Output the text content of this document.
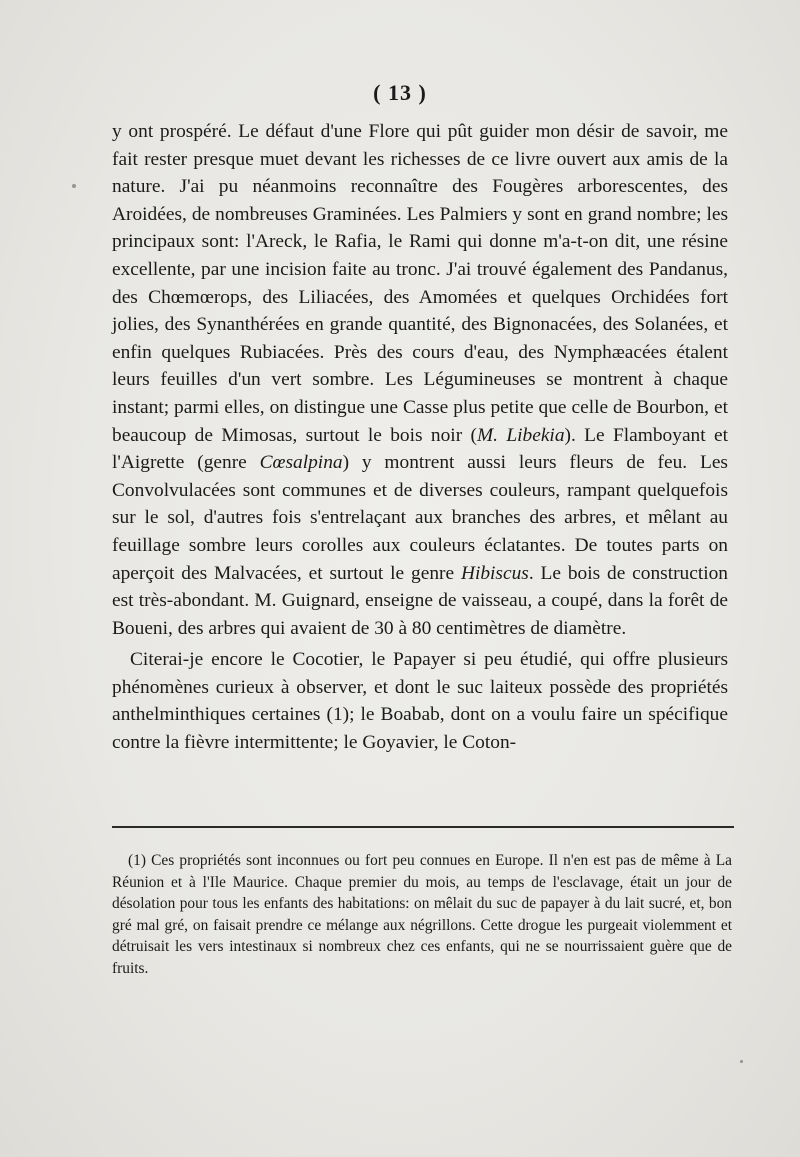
( 13 )

y ont prospéré. Le défaut d'une Flore qui pût guider mon désir de savoir, me fait rester presque muet devant les richesses de ce livre ouvert aux amis de la nature. J'ai pu néanmoins reconnaître des Fougères arborescentes, des Aroidées, de nombreuses Graminées. Les Palmiers y sont en grand nombre; les principaux sont: l'Areck, le Rafia, le Rami qui donne m'a-t-on dit, une résine excellente, par une incision faite au tronc. J'ai trouvé également des Pandanus, des Chœmœrops, des Liliacées, des Amomées et quelques Orchidées fort jolies, des Synanthérées en grande quantité, des Bignonacées, des Solanées, et enfin quelques Rubiacées. Près des cours d'eau, des Nymphæacées étalent leurs feuilles d'un vert sombre. Les Légumineuses se montrent à chaque instant; parmi elles, on distingue une Casse plus petite que celle de Bourbon, et beaucoup de Mimosas, surtout le bois noir (M. Libekia). Le Flamboyant et l'Aigrette (genre Cœsalpina) y montrent aussi leurs fleurs de feu. Les Convolvulacées sont communes et de diverses couleurs, rampant quelquefois sur le sol, d'autres fois s'entrelaçant aux branches des arbres, et mêlant au feuillage sombre leurs corolles aux couleurs éclatantes. De toutes parts on aperçoit des Malvacées, et surtout le genre Hibiscus. Le bois de construction est très-abondant. M. Guignard, enseigne de vaisseau, a coupé, dans la forêt de Boueni, des arbres qui avaient de 30 à 80 centimètres de diamètre.

Citerai-je encore le Cocotier, le Papayer si peu étudié, qui offre plusieurs phénomènes curieux à observer, et dont le suc laiteux possède des propriétés anthelminthiques certaines (1); le Boabab, dont on a voulu faire un spécifique contre la fièvre intermittente; le Goyavier, le Coton-

(1) Ces propriétés sont inconnues ou fort peu connues en Europe. Il n'en est pas de même à La Réunion et à l'Ile Maurice. Chaque premier du mois, au temps de l'esclavage, était un jour de désolation pour tous les enfants des habitations: on mêlait du suc de papayer à du lait sucré, et, bon gré mal gré, on faisait prendre ce mélange aux négrillons. Cette drogue les purgeait violemment et détruisait les vers intestinaux si nombreux chez ces enfants, qui ne se nourrissaient guère que de fruits.
